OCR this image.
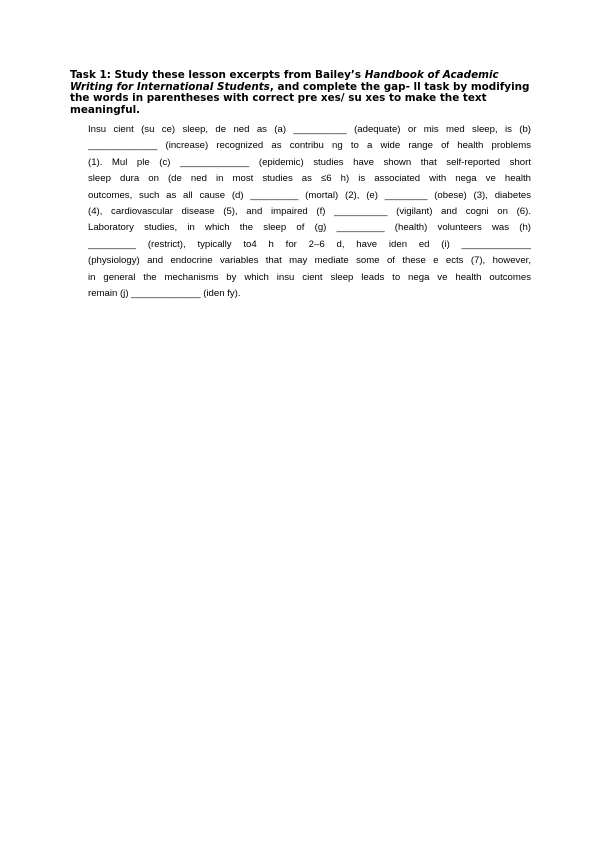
Task 1: Study these lesson excerpts from Bailey’s Handbook of Academic Writing for International Students, and complete the gap- ll task by modifying the words in parentheses with correct pre xes/ su xes to make the text meaningful.
Insu cient (su ce) sleep, de ned as (a) __________ (adequate) or mis med sleep, is (b)
_____________ (increase) recognized as contribu ng to a wide range of health problems
(1). Mul ple (c) _____________ (epidemic) studies have shown that self-reported short
sleep dura on (de ned in most studies as ≤6 h) is associated with nega ve health
outcomes, such as all cause (d) _________ (mortal) (2), (e) ________ (obese) (3), diabetes
(4), cardiovascular disease (5), and impaired (f) __________ (vigilant) and cogni on (6).
Laboratory studies, in which the sleep of (g) _________ (health) volunteers was (h)
_________ (restrict), typically to4 h for 2–6 d, have iden ed (i) _____________
(physiology) and endocrine variables that may mediate some of these e ects (7), however,
in general the mechanisms by which insu cient sleep leads to nega ve health outcomes
remain (j) _____________ (iden fy).
